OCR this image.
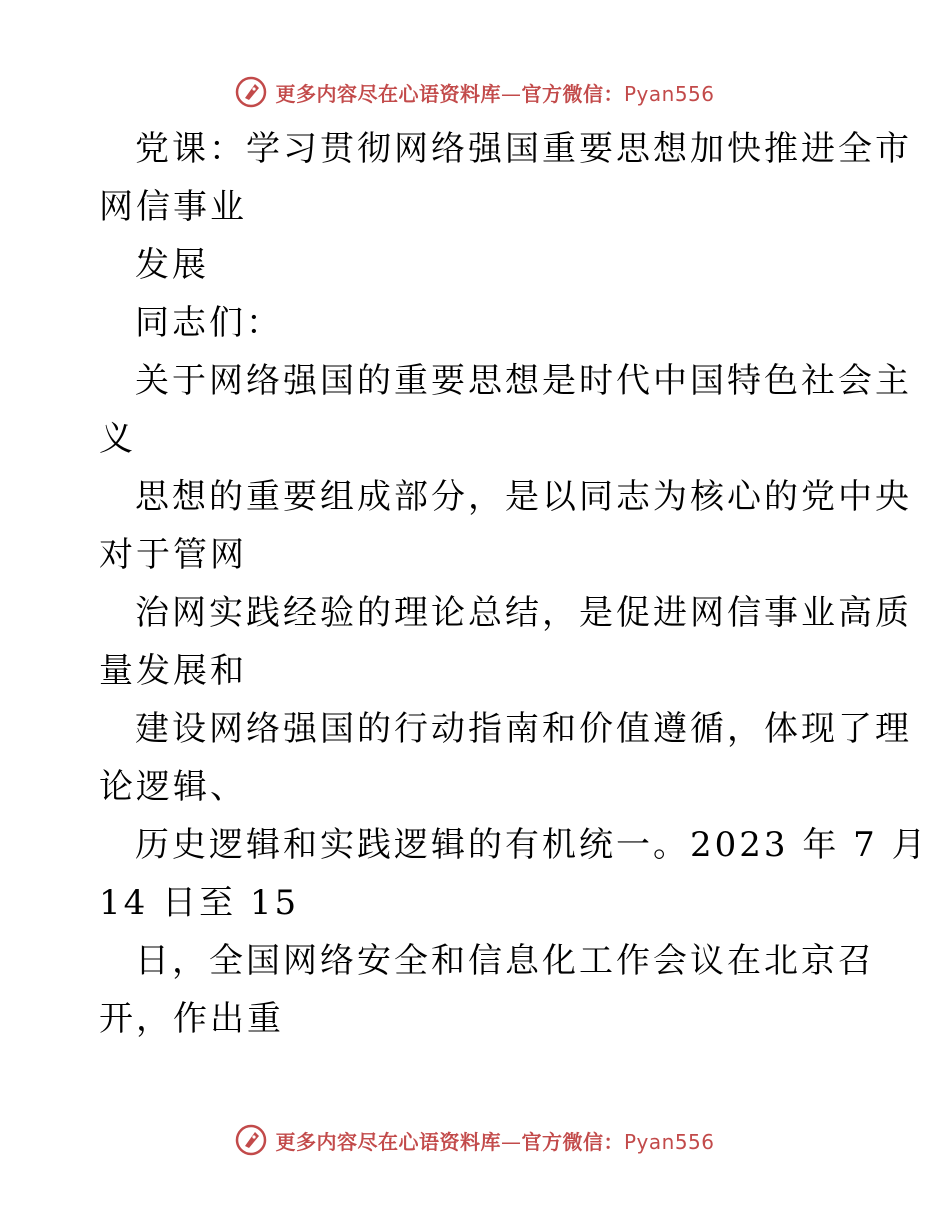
更多内容尽在心语资料库—官方微信：Pyan556
党课：学习贯彻网络强国重要思想加快推进全市
网信事业
发展
同志们：
关于网络强国的重要思想是时代中国特色社会主
义
思想的重要组成部分，是以同志为核心的党中央
对于管网
治网实践经验的理论总结，是促进网信事业高质
量发展和
建设网络强国的行动指南和价值遵循，体现了理
论逻辑、
历史逻辑和实践逻辑的有机统一。2023 年 7 月
14 日至 15
日，全国网络安全和信息化工作会议在北京召
开，作出重
更多内容尽在心语资料库—官方微信：Pyan556
